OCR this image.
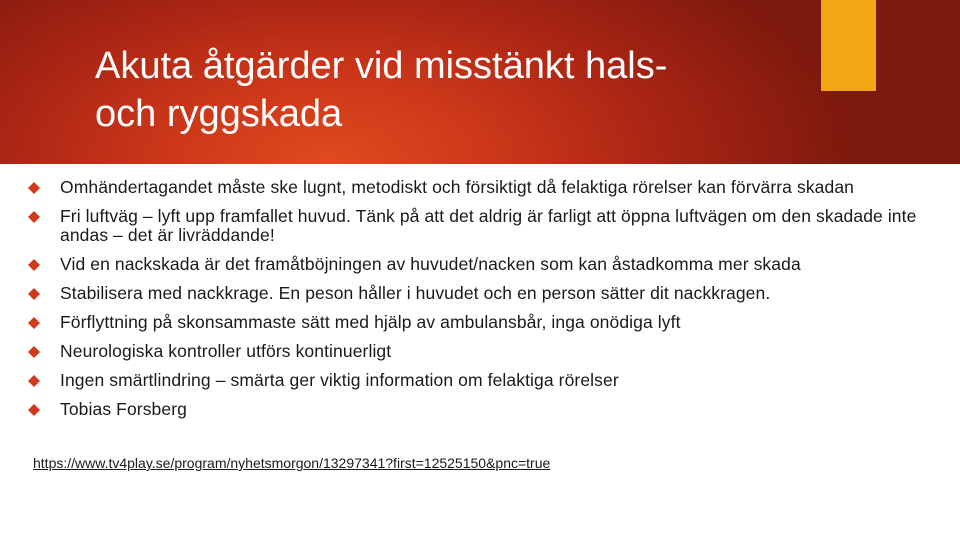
Akuta åtgärder vid misstänkt hals-
och ryggskada
Omhändertagandet måste ske lugnt, metodiskt och försiktigt då felaktiga rörelser kan förvärra skadan
Fri luftväg – lyft upp framfallet huvud. Tänk på att det aldrig är farligt att öppna luftvägen om den skadade inte andas – det är livräddande!
Vid en nackskada är det framåtböjningen av huvudet/nacken som kan åstadkomma mer skada
Stabilisera med nackkrage. En peson håller i huvudet och en person sätter dit nackkragen.
Förflyttning på skonsammaste sätt med hjälp av ambulansbår, inga onödiga lyft
Neurologiska kontroller utförs kontinuerligt
Ingen smärtlindring – smärta ger viktig information om felaktiga rörelser
Tobias Forsberg
https://www.tv4play.se/program/nyhetsmorgon/13297341?first=12525150&pnc=true
